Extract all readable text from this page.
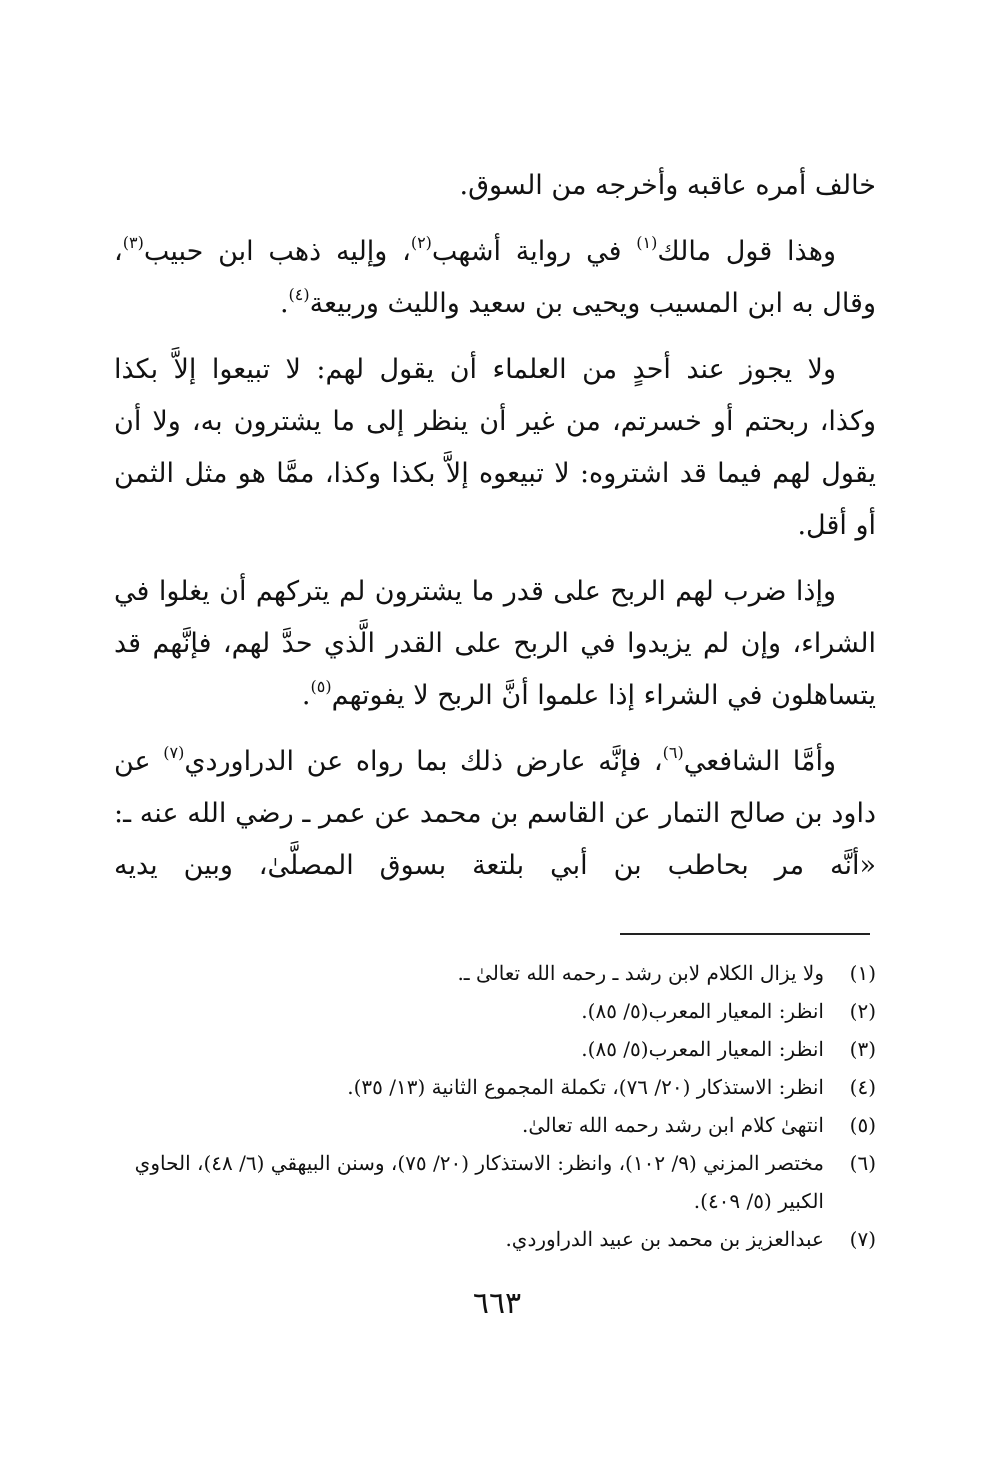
خالف أمره عاقبه وأخرجه من السوق.

وهذا قول مالك$^{(١)}$ في رواية أشهب$^{(٢)}$، وإليه ذهب ابن حبيب$^{(٣)}$،
وقال به ابن المسيب ويحيى بن سعيد والليث وربيعة$^{(٤)}$.

ولا يجوز عند أحدٍ من العلماء أن يقول لهم: لا تبيعوا إلاَّ بكذا
وكذا، ربحتم أو خسرتم، من غير أن ينظر إلى ما يشترون به، ولا أن
يقول لهم فيما قد اشتروه: لا تبيعوه إلاَّ بكذا وكذا، ممَّا هو مثل الثمن
أو أقل.

وإذا ضرب لهم الربح على قدر ما يشترون لم يتركهم أن يغلوا في
الشراء، وإن لم يزيدوا في الربح على القدر الَّذي حدَّ لهم، فإنَّهم قد
يتساهلون في الشراء إذا علموا أنَّ الربح لا يفوتهم$^{(٥)}$.

وأمَّا الشافعي$^{(٦)}$، فإنَّه عارض ذلك بما رواه عن الدراوردي$^{(٧)}$ عن
داود بن صالح التمار عن القاسم بن محمد عن عمر ـ رضي الله عنه ـ:
«أنَّه مر بحاطب بن أبي بلتعة بسوق المصلَّىٰ، وبين يديه

(١)
ولا يزال الكلام لابن رشد ـ رحمه الله تعالىٰ ـ.

(٢)
انظر: المعيار المعرب(٥/ ٨٥).

(٣)
انظر: المعيار المعرب(٥/ ٨٥).

(٤)
انظر: الاستذكار (٢٠/ ٧٦)، تكملة المجموع الثانية (١٣/ ٣٥).

(٥)
انتهىٰ كلام ابن رشد رحمه الله تعالىٰ.

(٦)
مختصر المزني (٩/ ١٠٢)، وانظر: الاستذكار (٢٠/ ٧٥)، وسنن البيهقي (٦/ ٤٨)، الحاوي الكبير (٥/ ٤٠٩).

(٧)
عبدالعزيز بن محمد بن عبيد الدراوردي.

٦٦٣
